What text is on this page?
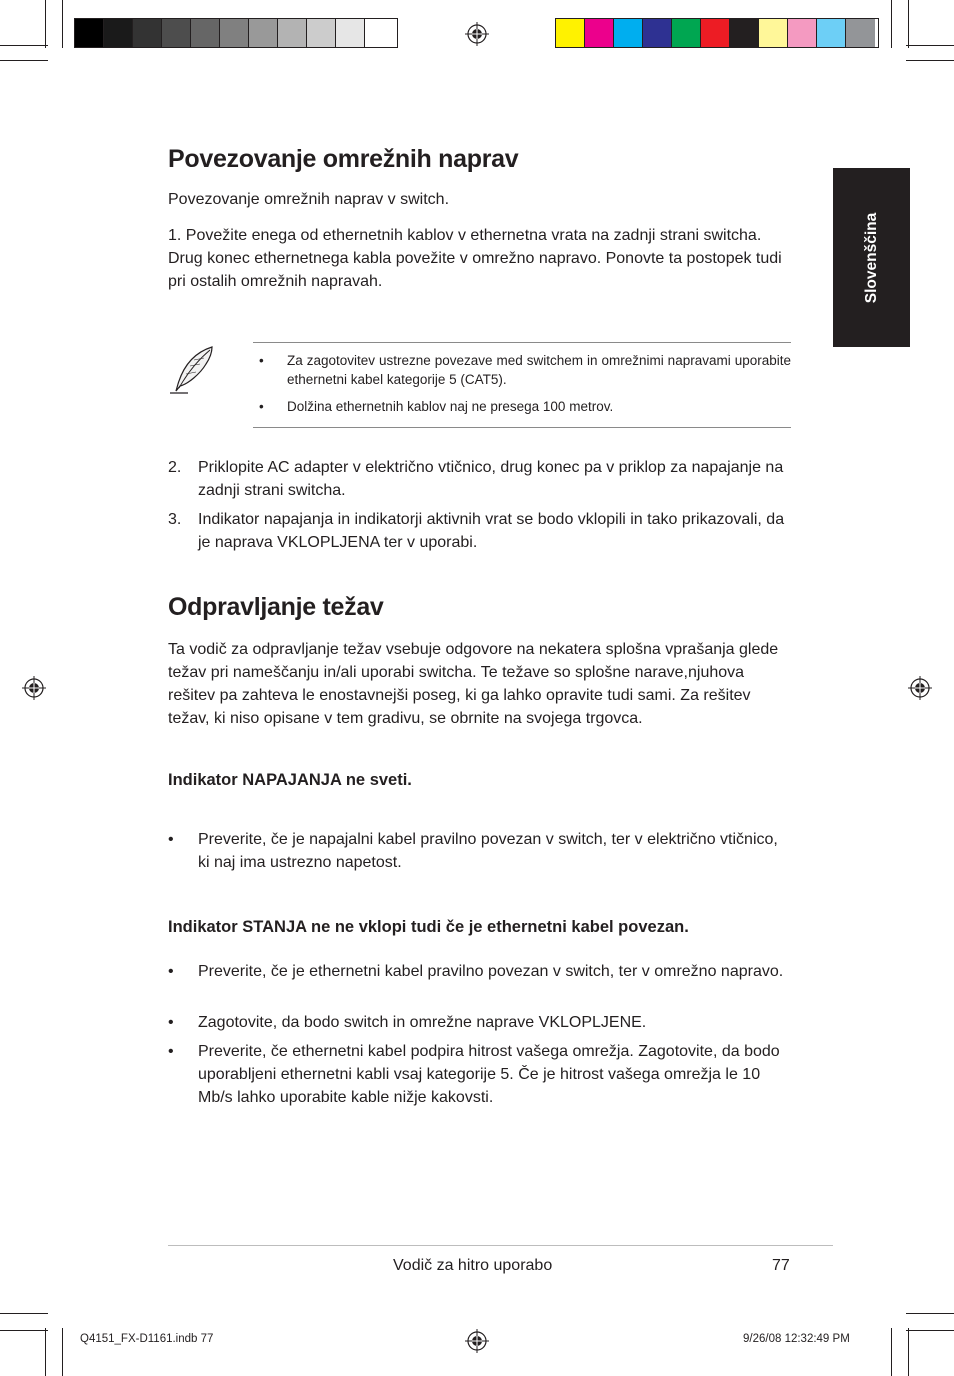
Slovenščina
Povezovanje omrežnih naprav
Povezovanje omrežnih naprav v switch.
1. Povežite enega od ethernetnih kablov v ethernetna vrata na zadnji strani switcha. Drug konec ethernetnega kabla povežite v omrežno napravo. Ponovte ta postopek tudi pri ostalih omrežnih napravah.
• Za zagotovitev ustrezne povezave med switchem in omrežnimi napravami uporabite ethernetni kabel kategorije 5 (CAT5).
• Dolžina ethernetnih kablov naj ne presega 100 metrov.
2. Priklopite AC adapter v električno vtičnico, drug konec pa v priklop za napajanje na zadnji strani switcha.
3. Indikator napajanja in indikatorji aktivnih vrat se bodo vklopili in tako prikazovali, da je naprava VKLOPLJENA ter v uporabi.
Odpravljanje težav
Ta vodič za odpravljanje težav vsebuje odgovore na nekatera splošna vprašanja glede težav pri nameščanju in/ali uporabi switcha. Te težave so splošne narave,njuhova rešitev pa zahteva le enostavnejši poseg, ki ga lahko opravite tudi sami. Za rešitev težav, ki niso opisane v tem gradivu, se obrnite na svojega trgovca.
Indikator NAPAJANJA ne sveti.
• Preverite, če je napajalni kabel pravilno povezan v switch, ter v električno vtičnico, ki naj ima ustrezno napetost.
Indikator STANJA ne ne vklopi tudi če je ethernetni kabel povezan.
• Preverite, če je ethernetni kabel pravilno povezan v switch, ter v omrežno napravo.
• Zagotovite, da bodo switch in omrežne naprave VKLOPLJENE.
• Preverite, če ethernetni kabel podpira hitrost vašega omrežja. Zagotovite, da bodo uporabljeni ethernetni kabli vsaj kategorije 5. Če je hitrost vašega omrežja le 10 Mb/s lahko uporabite kable nižje kakovsti.
Vodič za hitro uporabo	77
Q4151_FX-D1161.indb 77	9/26/08 12:32:49 PM
